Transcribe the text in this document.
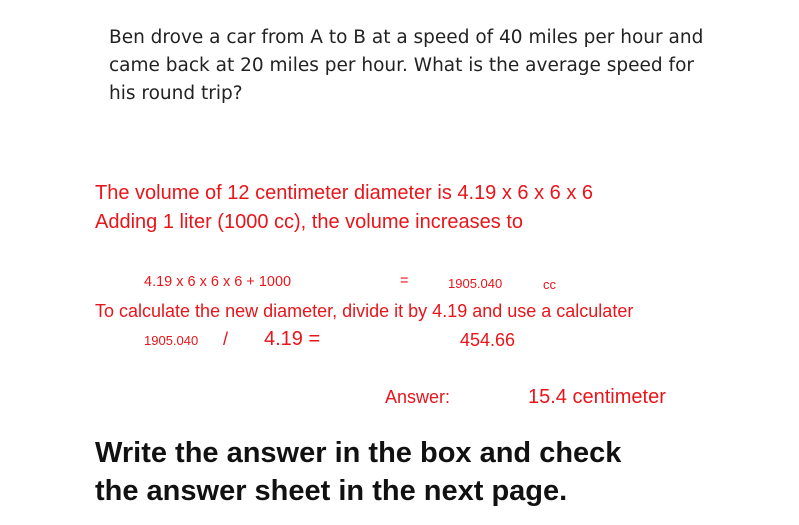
Ben drove a car from A to B at a speed of 40 miles per hour and
came back at 20 miles per hour. What is the average speed for
his round trip?
The volume of 12 centimeter diameter is 4.19 x 6 x 6 x 6
Adding 1 liter (1000 cc), the volume increases to
4.19 x 6 x 6 x 6 + 1000	=	1905.040	cc
To calculate the new diameter, divide it by 4.19 and use a calculater
1905.040 / 4.19 =	454.66
Answer:	15.4 centimeter
Write the answer in the box and check
the answer sheet in the next page.
